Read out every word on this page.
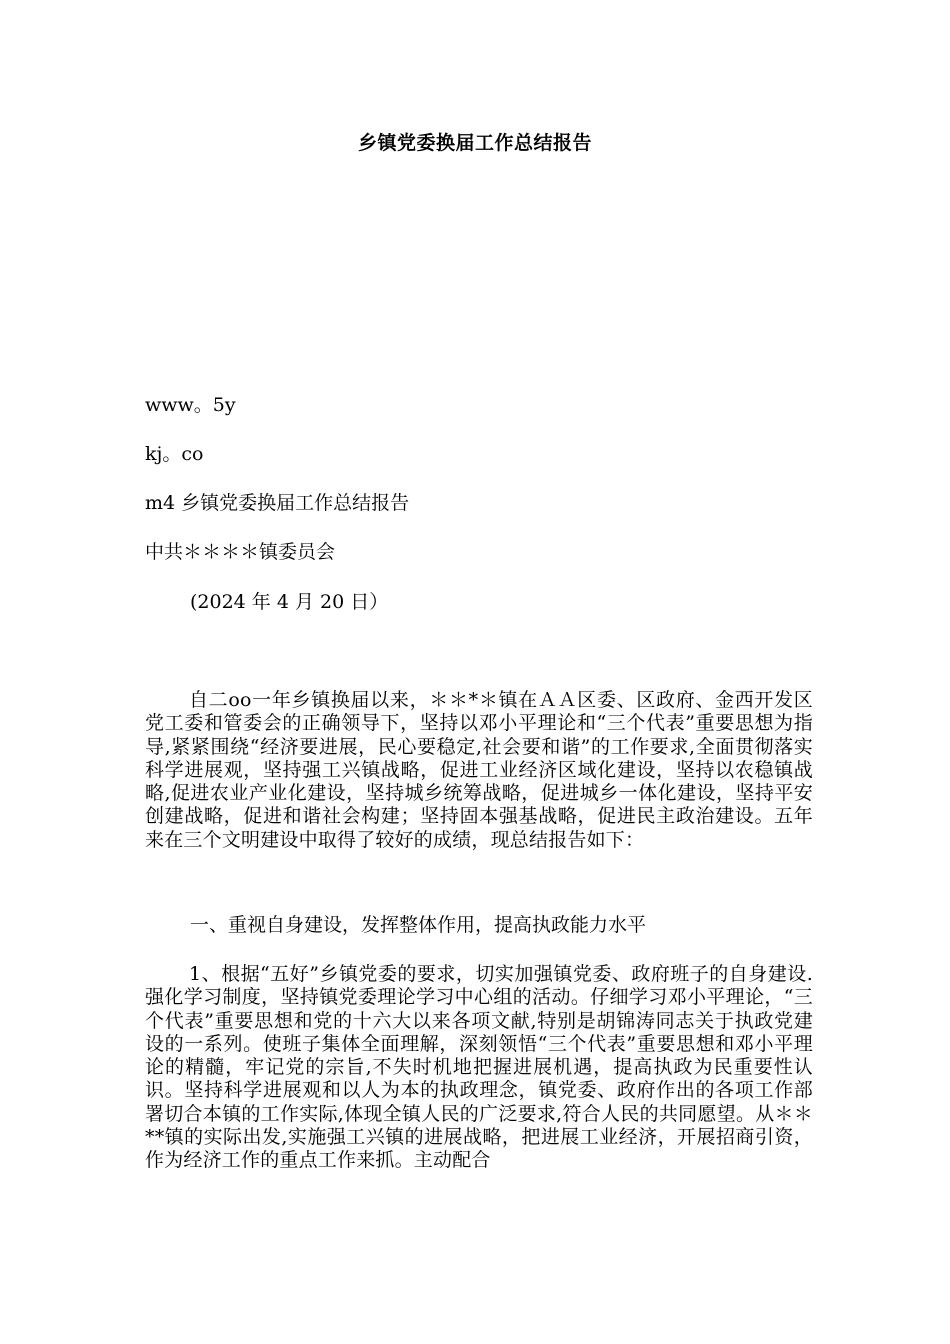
乡镇党委换届工作总结报告
www。5y
kj。co
m4 乡镇党委换届工作总结报告
中共＊＊＊＊镇委员会
(2024 年 4 月 20 日）

自二oo一年乡镇换届以来，＊＊*＊镇在ＡＡ区委、区政府、金西开发区党工委和管委会的正确领导下，坚持以邓小平理论和“三个代表”重要思想为指导,紧紧围绕“经济要进展，民心要稳定,社会要和谐”的工作要求,全面贯彻落实科学进展观，坚持强工兴镇战略，促进工业经济区域化建设，坚持以农稳镇战略,促进农业产业化建设，坚持城乡统筹战略，促进城乡一体化建设，坚持平安创建战略，促进和谐社会构建；坚持固本强基战略，促进民主政治建设。五年来在三个文明建设中取得了较好的成绩，现总结报告如下：

一、重视自身建设，发挥整体作用，提高执政能力水平

1、根据“五好”乡镇党委的要求，切实加强镇党委、政府班子的自身建设.强化学习制度，坚持镇党委理论学习中心组的活动。仔细学习邓小平理论，“三个代表”重要思想和党的十六大以来各项文献,特别是胡锦涛同志关于执政党建设的一系列。使班子集体全面理解，深刻领悟“三个代表”重要思想和邓小平理论的精髓，牢记党的宗旨,不失时机地把握进展机遇，提高执政为民重要性认识。坚持科学进展观和以人为本的执政理念，镇党委、政府作出的各项工作部署切合本镇的工作实际,体现全镇人民的广泛要求,符合人民的共同愿望。从＊＊**镇的实际出发,实施强工兴镇的进展战略，把进展工业经济，开展招商引资，作为经济工作的重点工作来抓。主动配合
